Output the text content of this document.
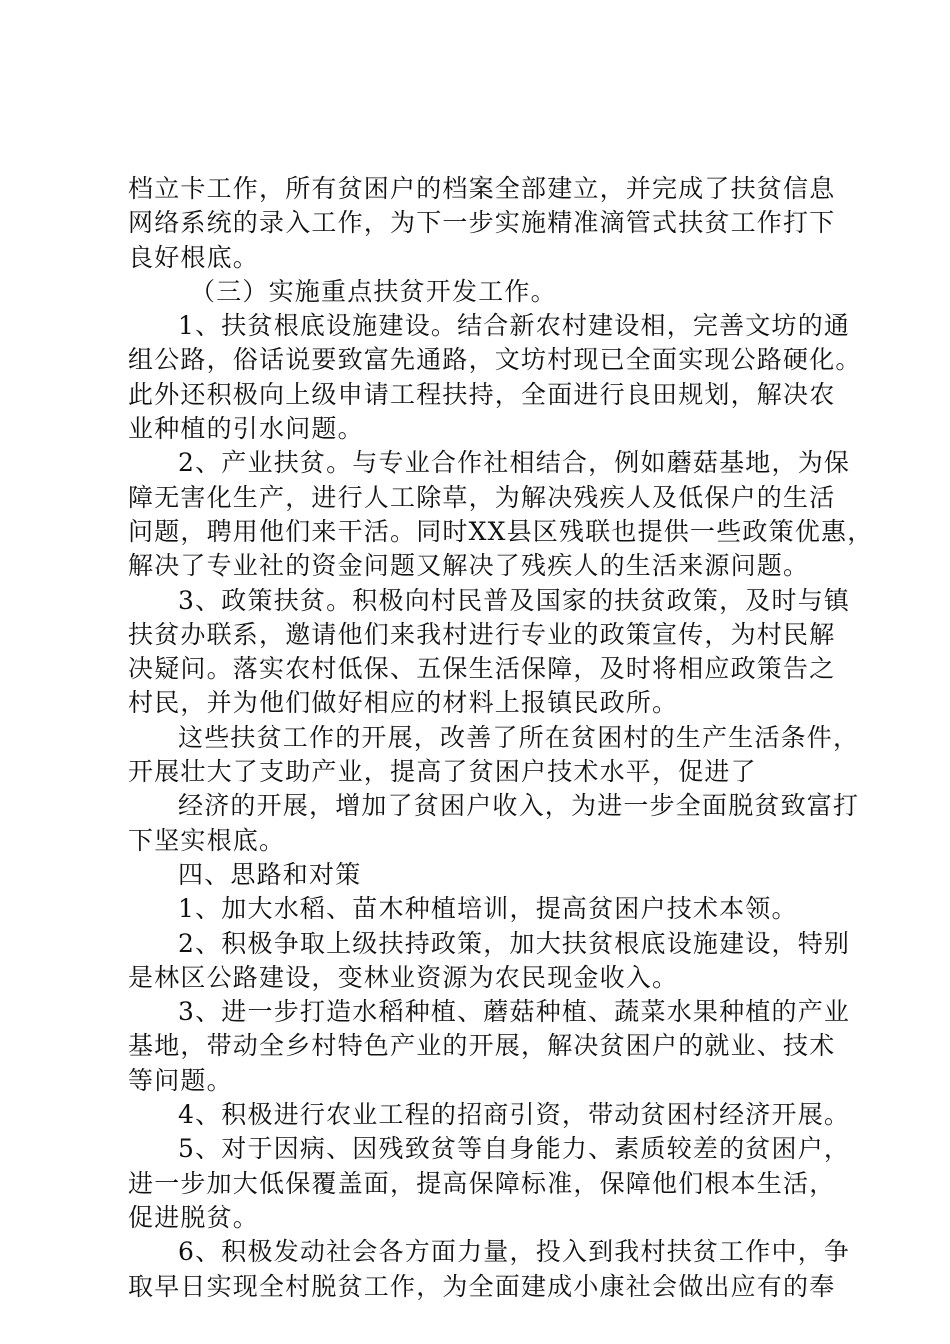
档立卡工作，所有贫困户的档案全部建立，并完成了扶贫信息
网络系统的录入工作，为下一步实施精准滴管式扶贫工作打下
良好根底。
（三）实施重点扶贫开发工作。
1、扶贫根底设施建设。结合新农村建设相，完善文坊的通
组公路，俗话说要致富先通路，文坊村现已全面实现公路硬化。
此外还积极向上级申请工程扶持，全面进行良田规划，解决农
业种植的引水问题。
2、产业扶贫。与专业合作社相结合，例如蘑菇基地，为保
障无害化生产，进行人工除草，为解决残疾人及低保户的生活
问题，聘用他们来干活。同时XX县区残联也提供一些政策优惠，
解决了专业社的资金问题又解决了残疾人的生活来源问题。
3、政策扶贫。积极向村民普及国家的扶贫政策，及时与镇
扶贫办联系，邀请他们来我村进行专业的政策宣传，为村民解
决疑问。落实农村低保、五保生活保障，及时将相应政策告之
村民，并为他们做好相应的材料上报镇民政所。
这些扶贫工作的开展，改善了所在贫困村的生产生活条件，
开展壮大了支助产业，提高了贫困户技术水平，促进了
经济的开展，增加了贫困户收入，为进一步全面脱贫致富打
下坚实根底。
四、思路和对策
1、加大水稻、苗木种植培训，提高贫困户技术本领。
2、积极争取上级扶持政策，加大扶贫根底设施建设，特别
是林区公路建设，变林业资源为农民现金收入。
3、进一步打造水稻种植、蘑菇种植、蔬菜水果种植的产业
基地，带动全乡村特色产业的开展，解决贫困户的就业、技术
等问题。
4、积极进行农业工程的招商引资，带动贫困村经济开展。
5、对于因病、因残致贫等自身能力、素质较差的贫困户，
进一步加大低保覆盖面，提高保障标准，保障他们根本生活，
促进脱贫。
6、积极发动社会各方面力量，投入到我村扶贫工作中，争
取早日实现全村脱贫工作，为全面建成小康社会做出应有的奉
